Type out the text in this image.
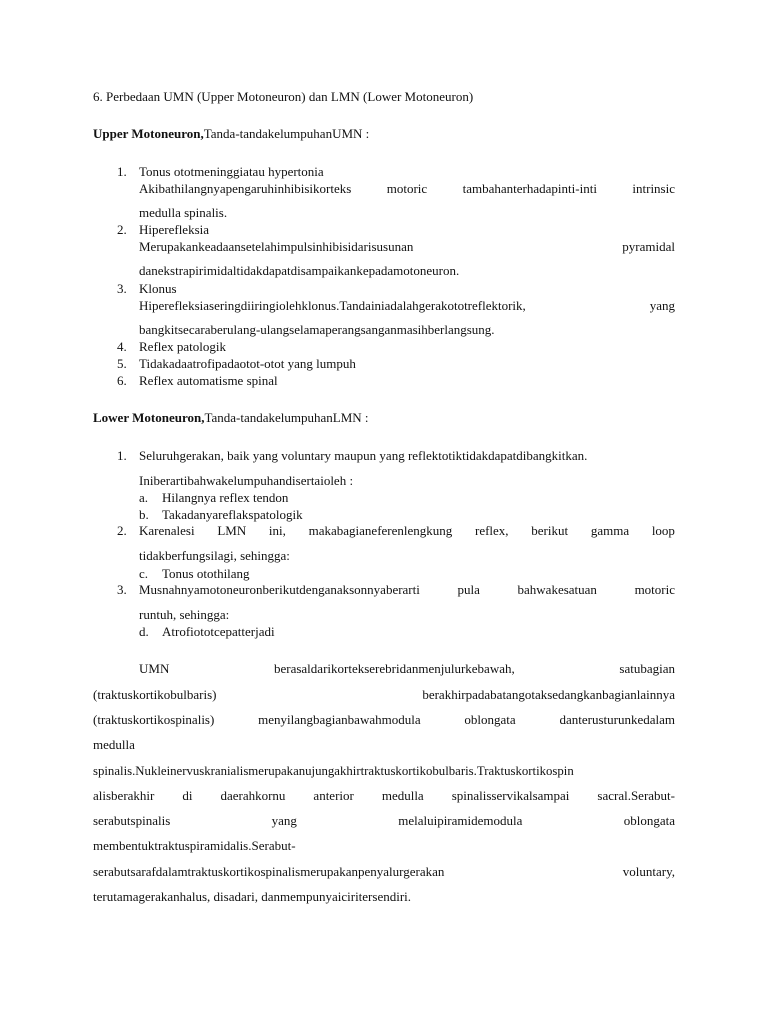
6. Perbedaan UMN (Upper Motoneuron) dan LMN (Lower Motoneuron)
Upper Motoneuron,Tanda-tandakelumpuhanUMN :
1. Tonus ototmeninggiatau hypertonia
Akibathilangnyapengaruhinhibisikorteks	motoric	tambahanterhadapinti-inti	intrinsic
medulla spinalis.
2. Hiperefleksia
Merupakankeadaansetelahimpulsinhibisidarisusunan	pyramidal
danekstrapirimidaltidakdapatdisampaikankepadamotoneuron.
3. Klonus
Hiperefleksiaseringdiiringiolehklonus.Tandainiadalahgerakototreflektorik,	yang
bangkitsecaraberulang-ulangselamaperangsanganmasihberlangsung.
4. Reflex patologik
5. Tidakadaatrofipadaotot-otot yang lumpuh
6. Reflex automatisme spinal
Lower Motoneuron,Tanda-tandakelumpuhanLMN :
1. Seluruhgerakan, baik yang voluntary maupun yang reflektotiktidakdapatdibangkitkan.
Iniberartibahwakelumpuhandisertaioleh :
a. Hilangnya reflex tendon
b. Takadanyareflakspatologik
2. Karenalesi LMN ini, makabagianeferenlengkung reflex, berikut gamma loop
tidakberfungsilagi, sehingga:
c. Tonus otothilang
3. Musnahnyamotoneuronberikutdenganaksonnyaberarti	pula	bahwakesatuan	motoric
runtuh, sehingga:
d. Atrofiototcepatterjadi
UMN	berasaldarikortekserebridanmenjulurkebawah,	satubagian
(traktuskortikobulbaris)	berakhirpadabatangotaksedangkanbagianlainnya
(traktuskortikospinalis)	menyilangbagianbawahmodula	oblongata	danterusturunkedalam
medulla
spinalis.Nukleinervuskranialismerupakanujungakhirtraktuskortikobulbaris.Traktuskortikospin
alisberakhir di daerahkornu anterior medulla spinalisservikalsampai sacral.Serabut-
serabutspinalis	yang	melaluipiramidemodula	oblongata
membentuktraktuspiramidalis.Serabut-
serabutsarafdalamtraktuskortikospinalismerupakanpenyalurgerakan	voluntary,
terutamagerakanhalus, disadari, danmempunyaiciritersendiri.
